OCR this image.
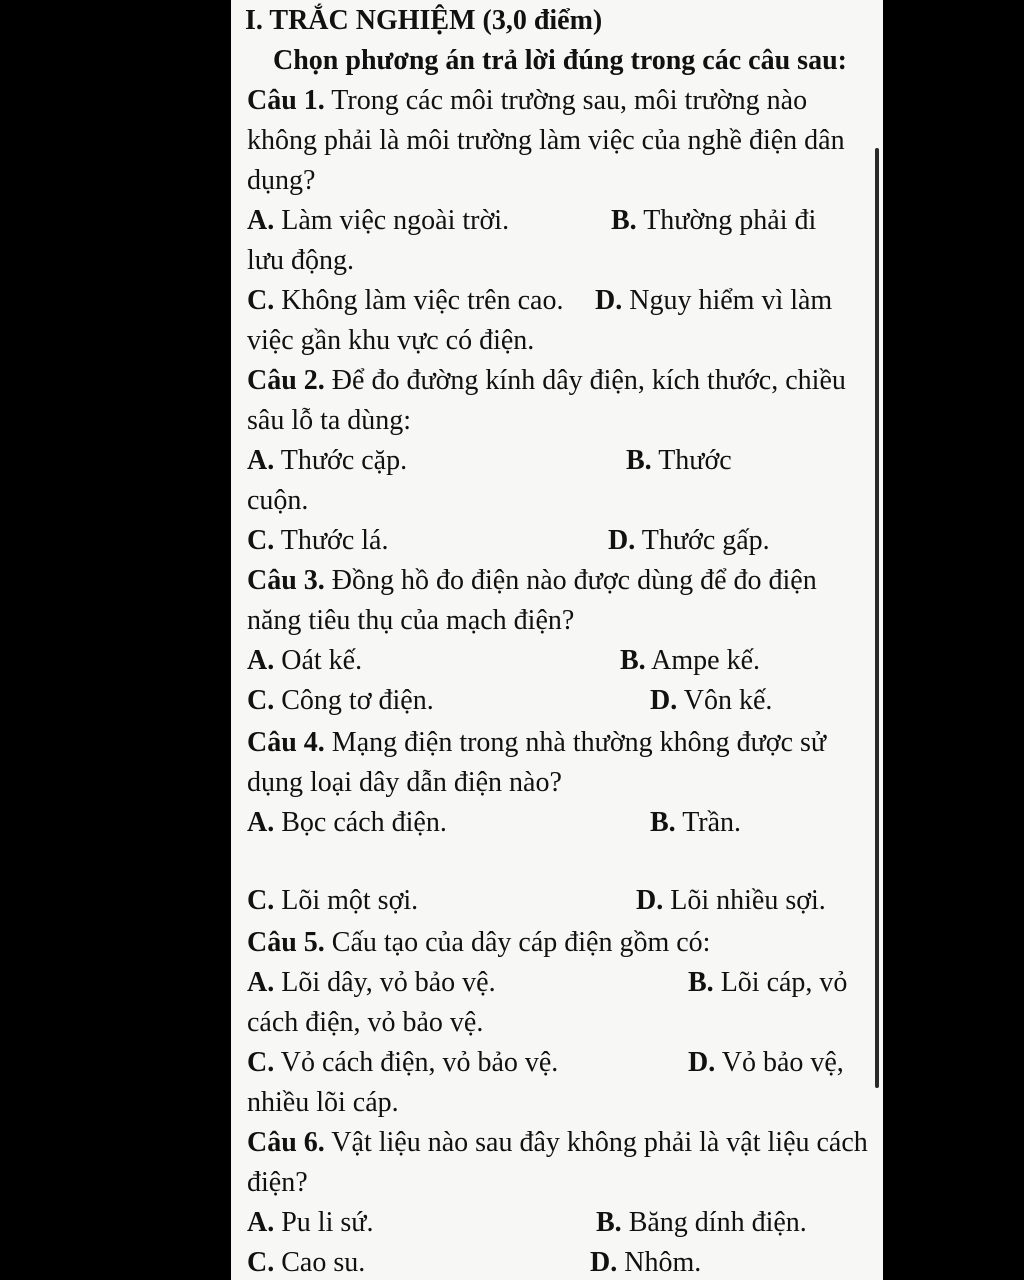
I. TRẮC NGHIỆM (3,0 điểm)
Chọn phương án trả lời đúng trong các câu sau:
Câu 1. Trong các môi trường sau, môi trường nào
không phải là môi trường làm việc của nghề điện dân
dụng?
A. Làm việc ngoài trời.	B. Thường phải đi
lưu động.
C. Không làm việc trên cao. D. Nguy hiểm vì làm
việc gần khu vực có điện.
Câu 2. Để đo đường kính dây điện, kích thước, chiều
sâu lỗ ta dùng:
A. Thước cặp.	B. Thước
cuộn.
C. Thước lá.	D. Thước gấp.
Câu 3. Đồng hồ đo điện nào được dùng để đo điện
năng tiêu thụ của mạch điện?
A. Oát kế.	B. Ampe kế.
C. Công tơ điện.	D. Vôn kế.
Câu 4. Mạng điện trong nhà thường không được sử
dụng loại dây dẫn điện nào?
A. Bọc cách điện.	B. Trần.
C. Lõi một sợi.	D. Lõi nhiều sợi.
Câu 5. Cấu tạo của dây cáp điện gồm có:
A. Lõi dây, vỏ bảo vệ.	B. Lõi cáp, vỏ
cách điện, vỏ bảo vệ.
C. Vỏ cách điện, vỏ bảo vệ.	D. Vỏ bảo vệ,
nhiều lõi cáp.
Câu 6. Vật liệu nào sau đây không phải là vật liệu cách
điện?
A. Pu li sứ.	B. Băng dính điện.
C. Cao su.	D. Nhôm.
